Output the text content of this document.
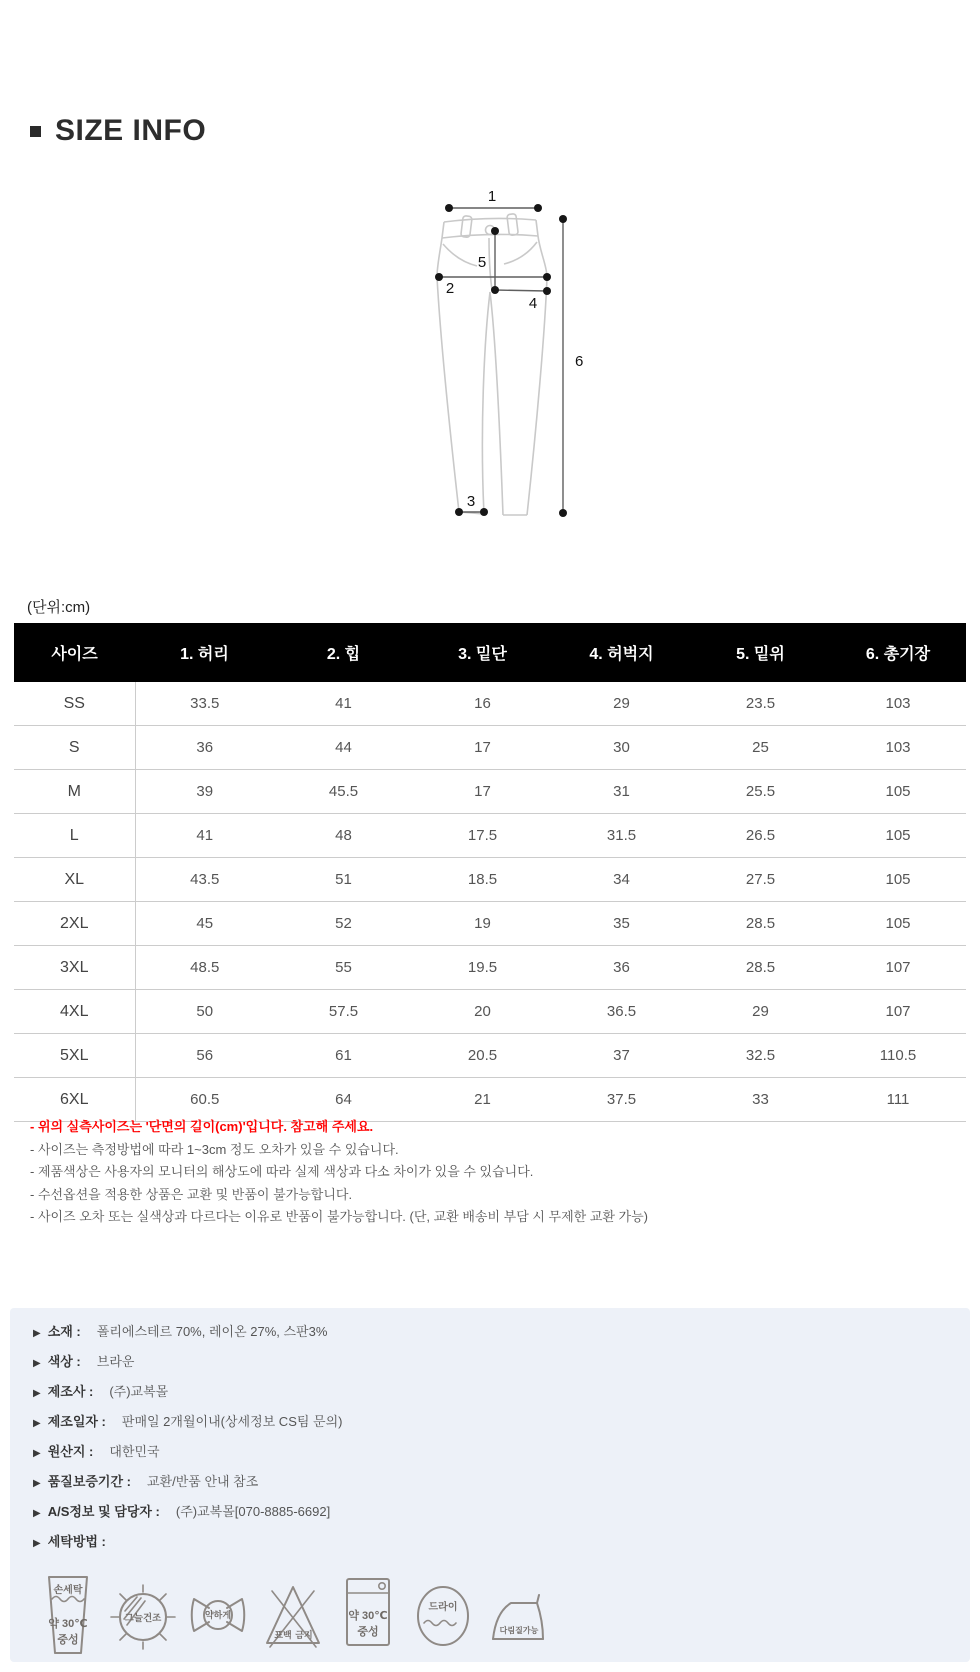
SIZE INFO
1
2
3
4
5
6
(단위:cm)
사이즈	1. 허리	2. 힙	3. 밑단	4. 허벅지	5. 밑위	6. 총기장
SS	33.5	41	16	29	23.5	103
S	36	44	17	30	25	103
M	39	45.5	17	31	25.5	105
L	41	48	17.5	31.5	26.5	105
XL	43.5	51	18.5	34	27.5	105
2XL	45	52	19	35	28.5	105
3XL	48.5	55	19.5	36	28.5	107
4XL	50	57.5	20	36.5	29	107
5XL	56	61	20.5	37	32.5	110.5
6XL	60.5	64	21	37.5	33	111
- 위의 실측사이즈는 '단면의 길이(cm)'입니다. 참고해 주세요.
- 사이즈는 측정방법에 따라 1~3cm 정도 오차가 있을 수 있습니다.
- 제품색상은 사용자의 모니터의 해상도에 따라 실제 색상과 다소 차이가 있을 수 있습니다.
- 수선옵션을 적용한 상품은 교환 및 반품이 불가능합니다.
- 사이즈 오차 또는 실색상과 다르다는 이유로 반품이 불가능합니다. (단, 교환 배송비 부담 시 무제한 교환 가능)
▶ 소재 : 폴리에스테르 70%, 레이온 27%, 스판3%
▶ 색상 : 브라운
▶ 제조사 : (주)교복몰
▶ 제조일자 : 판매일 2개월이내(상세정보 CS팀 문의)
▶ 원산지 : 대한민국
▶ 품질보증기간 : 교환/반품 안내 참조
▶ A/S정보 및 담당자 : (주)교복몰[070-8885-6692]
▶ 세탁방법 :
손세탁
약 30℃
중성
그늘건조	약하게
표백 금지
약 30℃
중성
드라이
다림질가능
